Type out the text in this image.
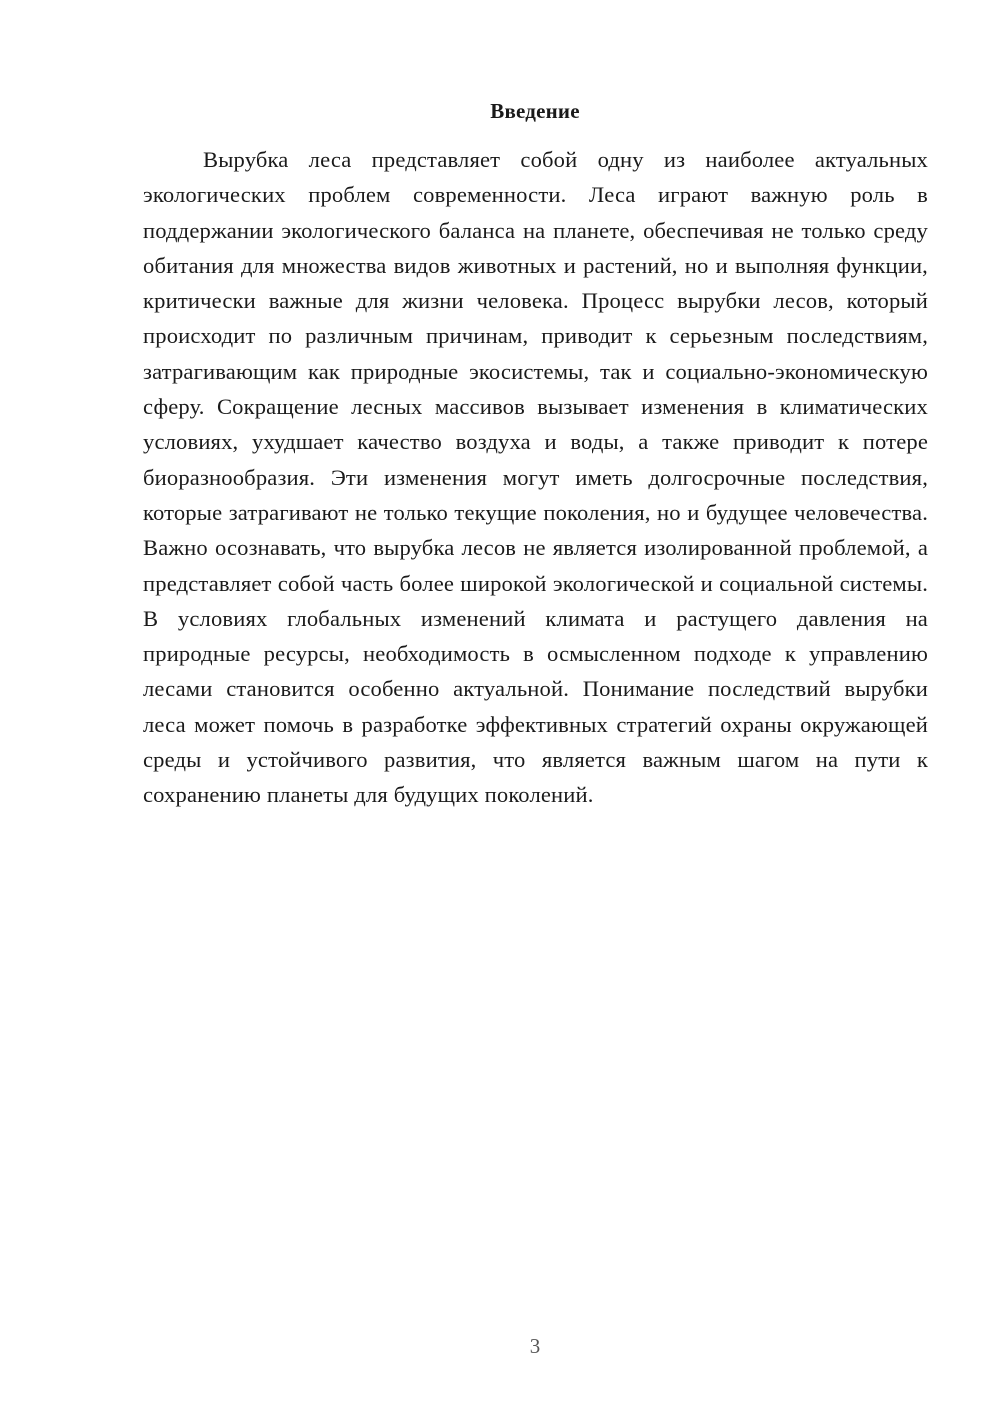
Введение

Вырубка леса представляет собой одну из наиболее актуальных экологических проблем современности. Леса играют важную роль в поддержании экологического баланса на планете, обеспечивая не только среду обитания для множества видов животных и растений, но и выполняя функции, критически важные для жизни человека. Процесс вырубки лесов, который происходит по различным причинам, приводит к серьезным последствиям, затрагивающим как природные экосистемы, так и социально-экономическую сферу. Сокращение лесных массивов вызывает изменения в климатических условиях, ухудшает качество воздуха и воды, а также приводит к потере биоразнообразия. Эти изменения могут иметь долгосрочные последствия, которые затрагивают не только текущие поколения, но и будущее человечества. Важно осознавать, что вырубка лесов не является изолированной проблемой, а представляет собой часть более широкой экологической и социальной системы. В условиях глобальных изменений климата и растущего давления на природные ресурсы, необходимость в осмысленном подходе к управлению лесами становится особенно актуальной. Понимание последствий вырубки леса может помочь в разработке эффективных стратегий охраны окружающей среды и устойчивого развития, что является важным шагом на пути к сохранению планеты для будущих поколений.

3
